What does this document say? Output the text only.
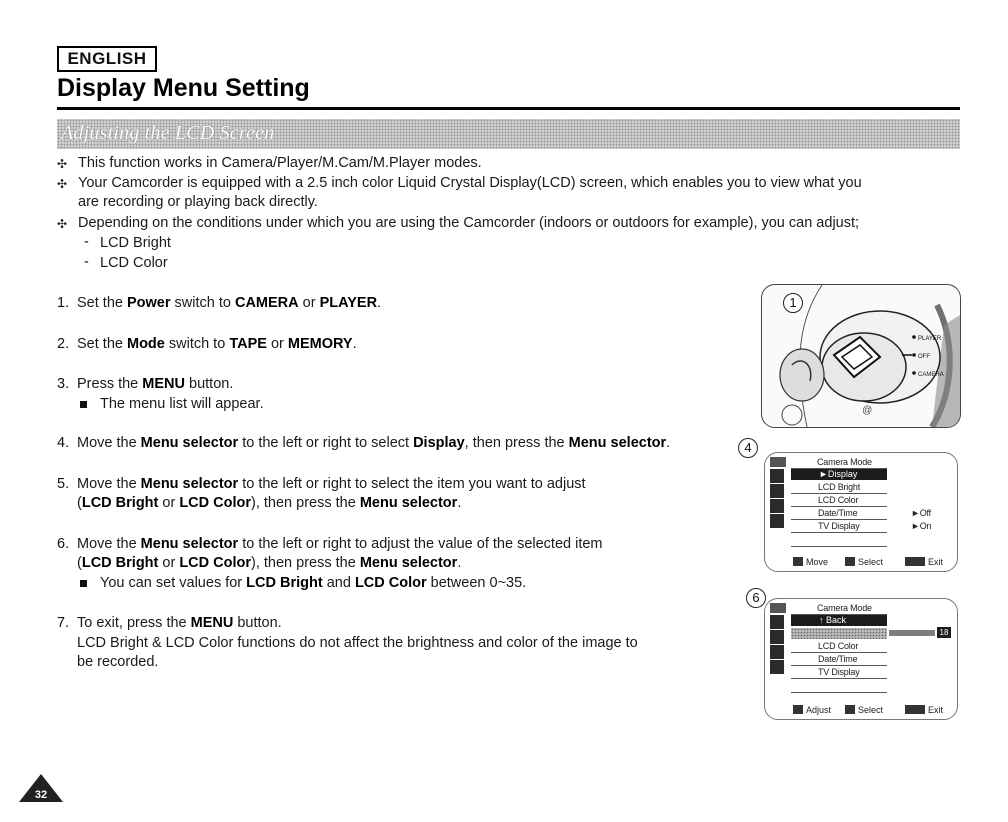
ENGLISH
Display Menu Setting
Adjusting the LCD Screen
✣ This function works in Camera/Player/M.Cam/M.Player modes.
✣ Your Camcorder is equipped with a 2.5 inch color Liquid Crystal Display(LCD) screen, which enables you to view what you
are recording or playing back directly.
✣ Depending on the conditions under which you are using the Camcorder (indoors or outdoors for example), you can adjust;
- LCD Bright
- LCD Color
1. Set the Power switch to CAMERA or PLAYER.
2. Set the Mode switch to TAPE or MEMORY.
3. Press the MENU button.
The menu list will appear.
4. Move the Menu selector to the left or right to select Display, then press the Menu selector.
5. Move the Menu selector to the left or right to select the item you want to adjust
(LCD Bright or LCD Color), then press the Menu selector.
6. Move the Menu selector to the left or right to adjust the value of the selected item
(LCD Bright or LCD Color), then press the Menu selector.
You can set values for LCD Bright and LCD Color between 0~35.
7. To exit, press the MENU button.
LCD Bright & LCD Color functions do not affect the brightness and color of the image to
be recorded.
@
PLAYER
OFF
CAMERA
1
4
Camera Mode
►Display
LCD Bright
LCD Color
Date/Time	►Off
TV Display	►On
Move	Select	Exit
6
Camera Mode
↑ Back
18
LCD Color
Date/Time
TV Display
Adjust	Select	Exit
32
